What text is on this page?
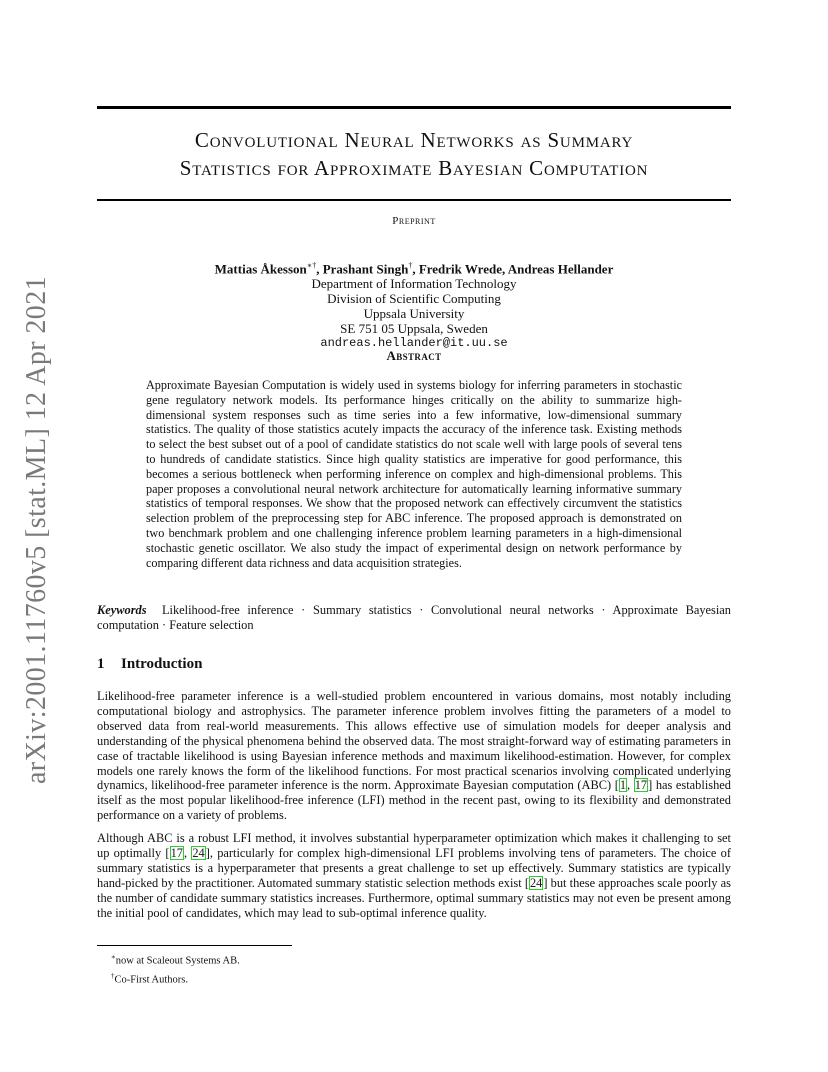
arXiv:2001.11760v5 [stat.ML] 12 Apr 2021
Convolutional Neural Networks as Summary
Statistics for Approximate Bayesian Computation
Preprint
Mattias Åkesson∗†, Prashant Singh†, Fredrik Wrede, Andreas Hellander
Department of Information Technology
Division of Scientific Computing
Uppsala University
SE 751 05 Uppsala, Sweden
andreas.hellander@it.uu.se
Abstract

Approximate Bayesian Computation is widely used in systems biology for inferring parameters in stochastic gene regulatory network models. Its performance hinges critically on the ability to summarize high-dimensional system responses such as time series into a few informative, low-dimensional summary statistics. The quality of those statistics acutely impacts the accuracy of the inference task. Existing methods to select the best subset out of a pool of candidate statistics do not scale well with large pools of several tens to hundreds of candidate statistics. Since high quality statistics are imperative for good performance, this becomes a serious bottleneck when performing inference on complex and high-dimensional problems. This paper proposes a convolutional neural network architecture for automatically learning informative summary statistics of temporal responses. We show that the proposed network can effectively circumvent the statistics selection problem of the preprocessing step for ABC inference. The proposed approach is demonstrated on two benchmark problem and one challenging inference problem learning parameters in a high-dimensional stochastic genetic oscillator. We also study the impact of experimental design on network performance by comparing different data richness and data acquisition strategies.

Keywords Likelihood-free inference · Summary statistics · Convolutional neural networks · Approximate Bayesian computation · Feature selection

1 Introduction

Likelihood-free parameter inference is a well-studied problem encountered in various domains, most notably including computational biology and astrophysics. The parameter inference problem involves fitting the parameters of a model to observed data from real-world measurements. This allows effective use of simulation models for deeper analysis and understanding of the physical phenomena behind the observed data. The most straight-forward way of estimating parameters in case of tractable likelihood is using Bayesian inference methods and maximum likelihood-estimation. However, for complex models one rarely knows the form of the likelihood functions. For most practical scenarios involving complicated underlying dynamics, likelihood-free parameter inference is the norm. Approximate Bayesian computation (ABC) [1, 17] has established itself as the most popular likelihood-free inference (LFI) method in the recent past, owing to its flexibility and demonstrated performance on a variety of problems.

Although ABC is a robust LFI method, it involves substantial hyperparameter optimization which makes it challenging to set up optimally [17, 24], particularly for complex high-dimensional LFI problems involving tens of parameters. The choice of summary statistics is a hyperparameter that presents a great challenge to set up effectively. Summary statistics are typically hand-picked by the practitioner. Automated summary statistic selection methods exist [24] but these approaches scale poorly as the number of candidate summary statistics increases. Furthermore, optimal summary statistics may not even be present among the initial pool of candidates, which may lead to sub-optimal inference quality.

∗now at Scaleout Systems AB.
†Co-First Authors.
